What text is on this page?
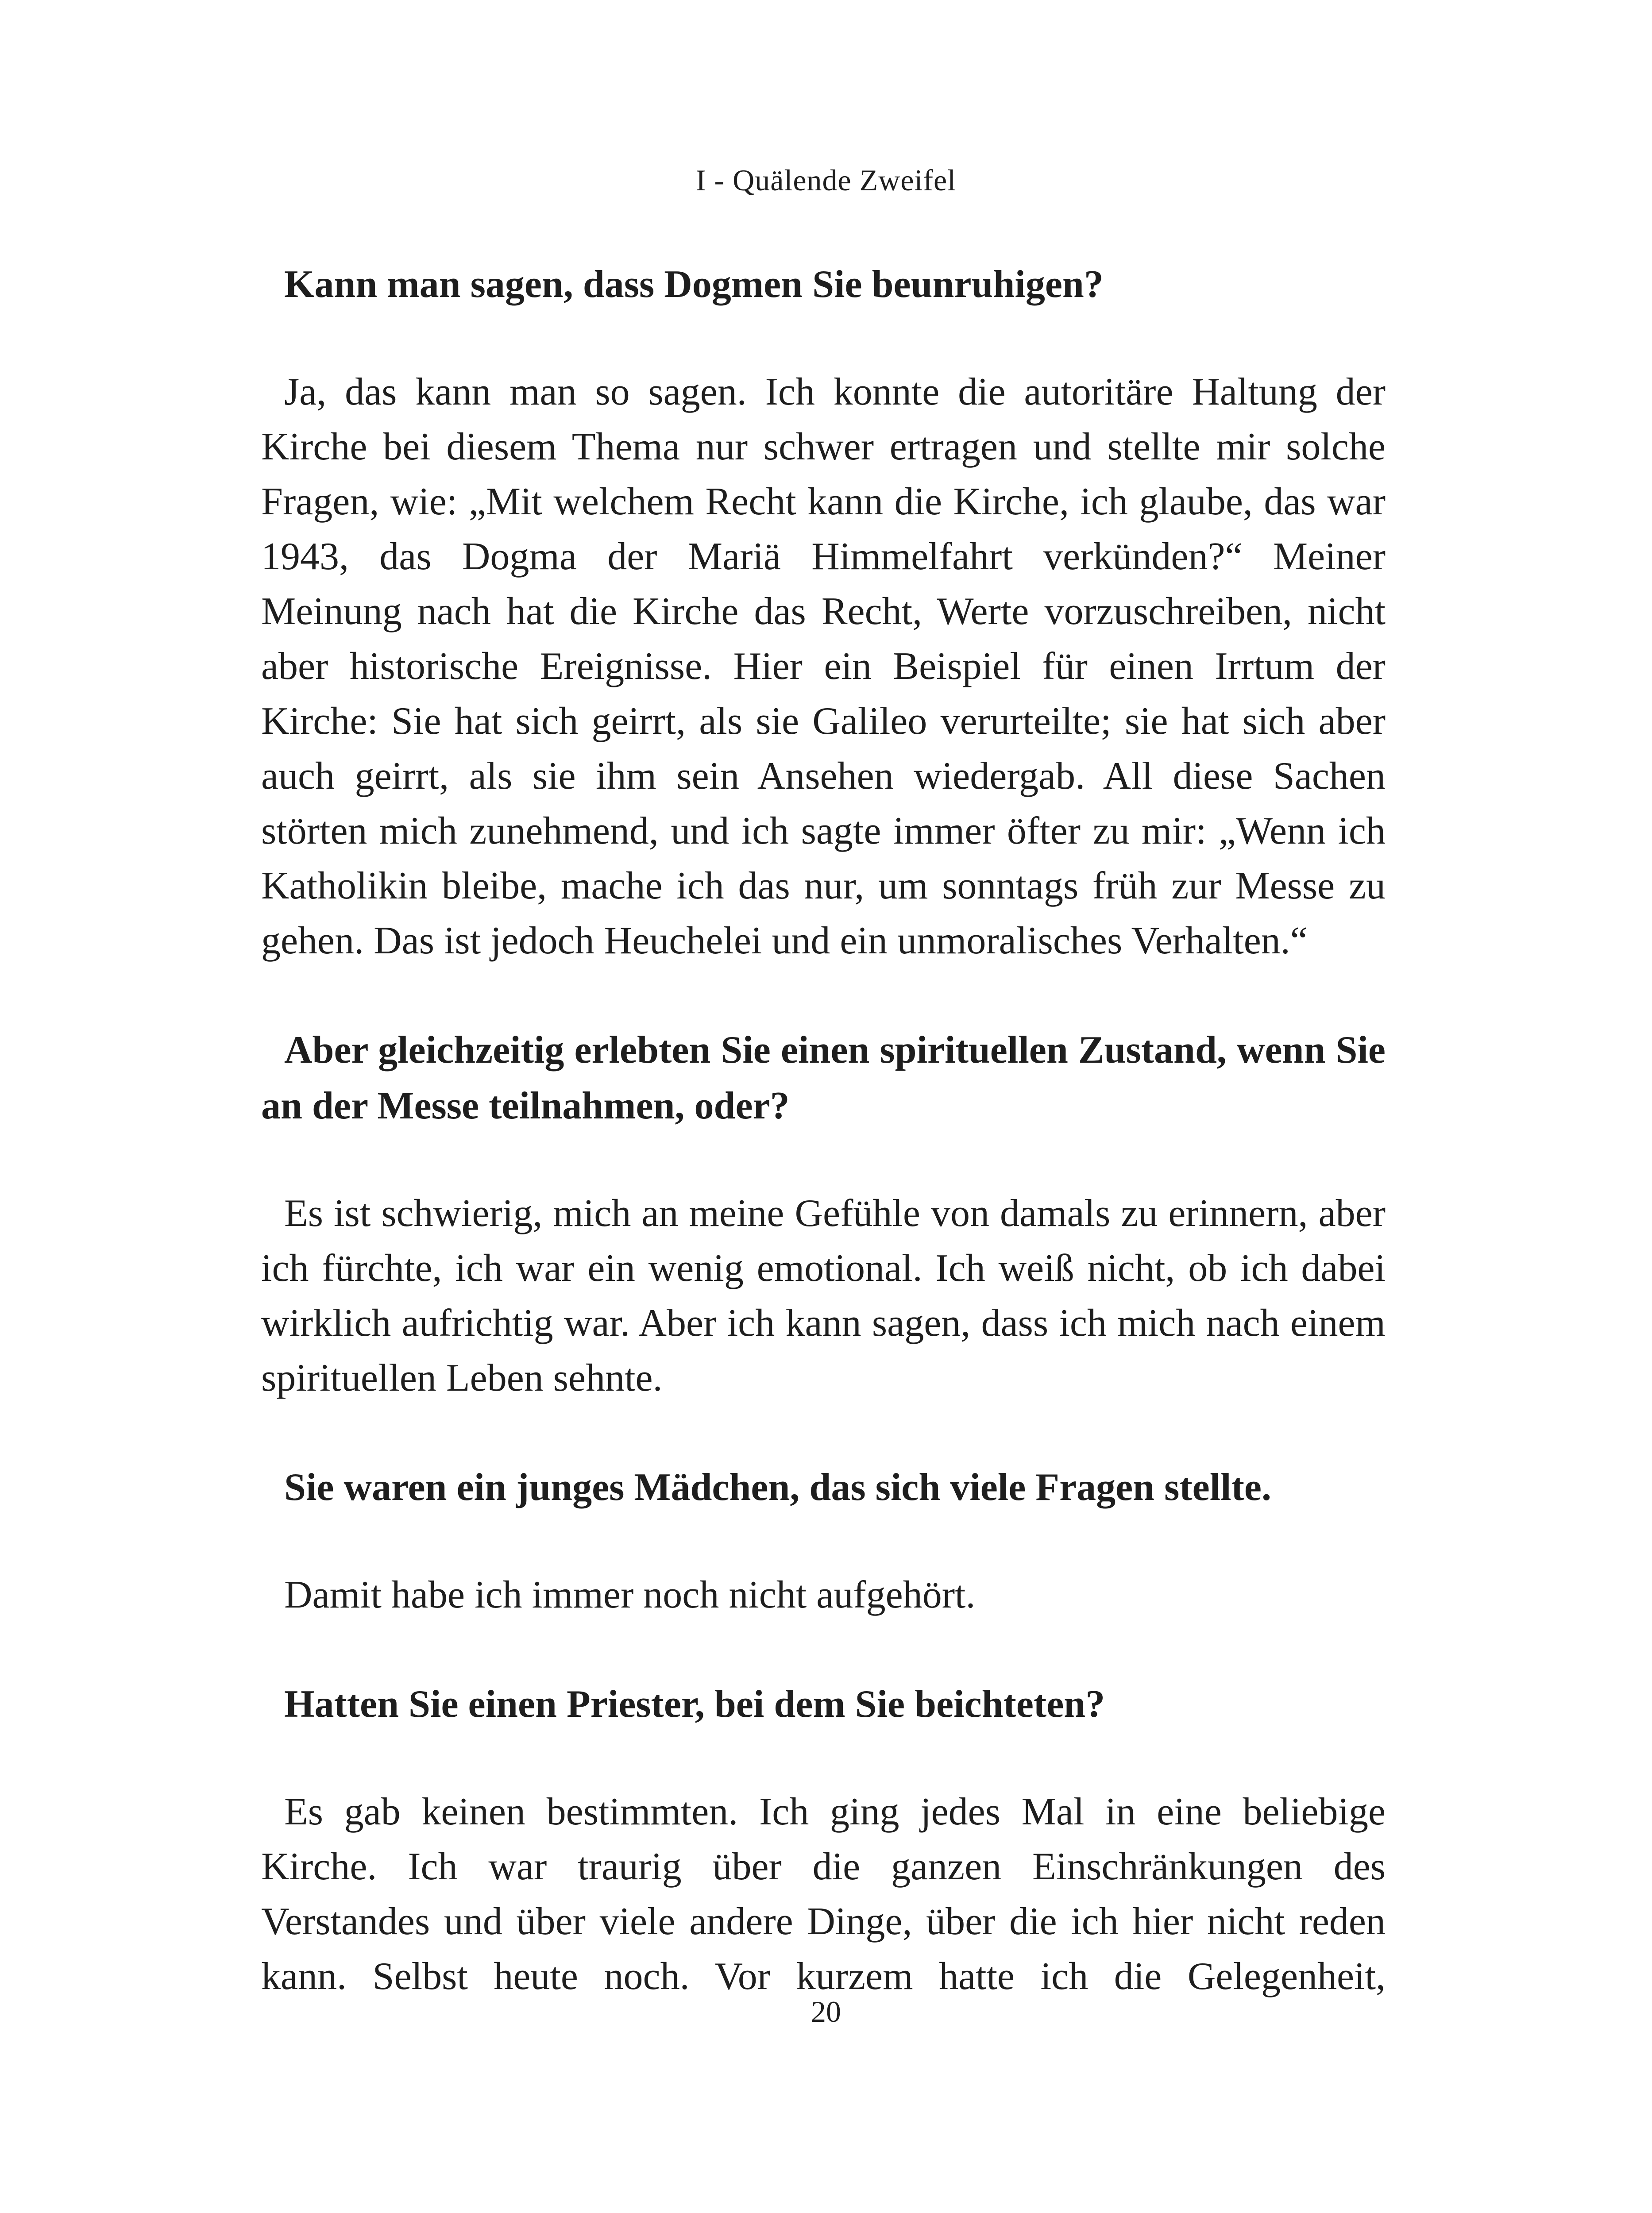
I - Quälende Zweifel

Kann man sagen, dass Dogmen Sie beunruhigen?

Ja, das kann man so sagen. Ich konnte die autoritäre Haltung der Kirche bei diesem Thema nur schwer ertragen und stellte mir solche Fragen, wie: „Mit welchem Recht kann die Kirche, ich glaube, das war 1943, das Dogma der Mariä Himmelfahrt verkünden?“ Meiner Meinung nach hat die Kirche das Recht, Werte vorzuschreiben, nicht aber historische Ereignisse. Hier ein Beispiel für einen Irrtum der Kirche: Sie hat sich geirrt, als sie Galileo verurteilte; sie hat sich aber auch geirrt, als sie ihm sein Ansehen wiedergab. All diese Sachen störten mich zunehmend, und ich sagte immer öfter zu mir: „Wenn ich Katholikin bleibe, mache ich das nur, um sonntags früh zur Messe zu gehen. Das ist jedoch Heuchelei und ein unmoralisches Verhalten.“

Aber gleichzeitig erlebten Sie einen spirituellen Zustand, wenn Sie an der Messe teilnahmen, oder?

Es ist schwierig, mich an meine Gefühle von damals zu erinnern, aber ich fürchte, ich war ein wenig emotional. Ich weiß nicht, ob ich dabei wirklich aufrichtig war. Aber ich kann sagen, dass ich mich nach einem spirituellen Leben sehnte.

Sie waren ein junges Mädchen, das sich viele Fragen stellte.

Damit habe ich immer noch nicht aufgehört.

Hatten Sie einen Priester, bei dem Sie beichteten?

Es gab keinen bestimmten. Ich ging jedes Mal in eine beliebige Kirche. Ich war traurig über die ganzen Einschränkungen des Verstandes und über viele andere Dinge, über die ich hier nicht reden kann. Selbst heute noch. Vor kurzem hatte ich die Gelegenheit,

20
